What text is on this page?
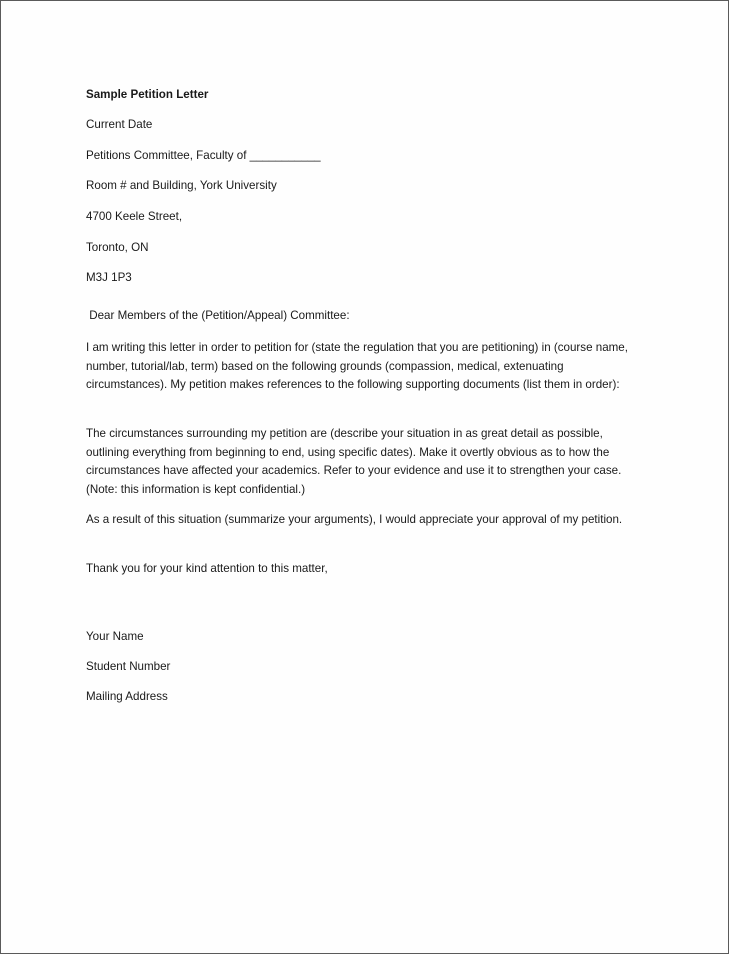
Sample Petition Letter
Current Date
Petitions Committee, Faculty of ___________
Room # and Building, York University
4700 Keele Street,
Toronto, ON
M3J 1P3
Dear Members of the (Petition/Appeal) Committee:
I am writing this letter in order to petition for (state the regulation that you are petitioning) in (course name, number, tutorial/lab, term) based on the following grounds (compassion, medical, extenuating circumstances). My petition makes references to the following supporting documents (list them in order):
The circumstances surrounding my petition are (describe your situation in as great detail as possible, outlining everything from beginning to end, using specific dates). Make it overtly obvious as to how the circumstances have affected your academics. Refer to your evidence and use it to strengthen your case. (Note: this information is kept confidential.)
As a result of this situation (summarize your arguments), I would appreciate your approval of my petition.
Thank you for your kind attention to this matter,
Your Name
Student Number
Mailing Address
